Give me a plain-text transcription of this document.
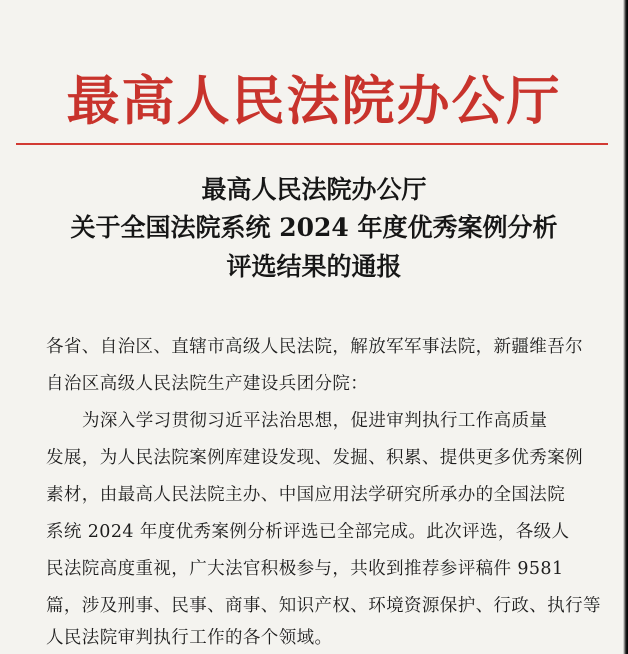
最高人民法院办公厅
最高人民法院办公厅
关于全国法院系统 2024 年度优秀案例分析
评选结果的通报
各省、自治区、直辖市高级人民法院，解放军军事法院，新疆维吾尔
自治区高级人民法院生产建设兵团分院：
为深入学习贯彻习近平法治思想，促进审判执行工作高质量
发展，为人民法院案例库建设发现、发掘、积累、提供更多优秀案例
素材，由最高人民法院主办、中国应用法学研究所承办的全国法院
系统 2024 年度优秀案例分析评选已全部完成。此次评选，各级人
民法院高度重视，广大法官积极参与，共收到推荐参评稿件 9581
篇，涉及刑事、民事、商事、知识产权、环境资源保护、行政、执行等
人民法院审判执行工作的各个领域。
